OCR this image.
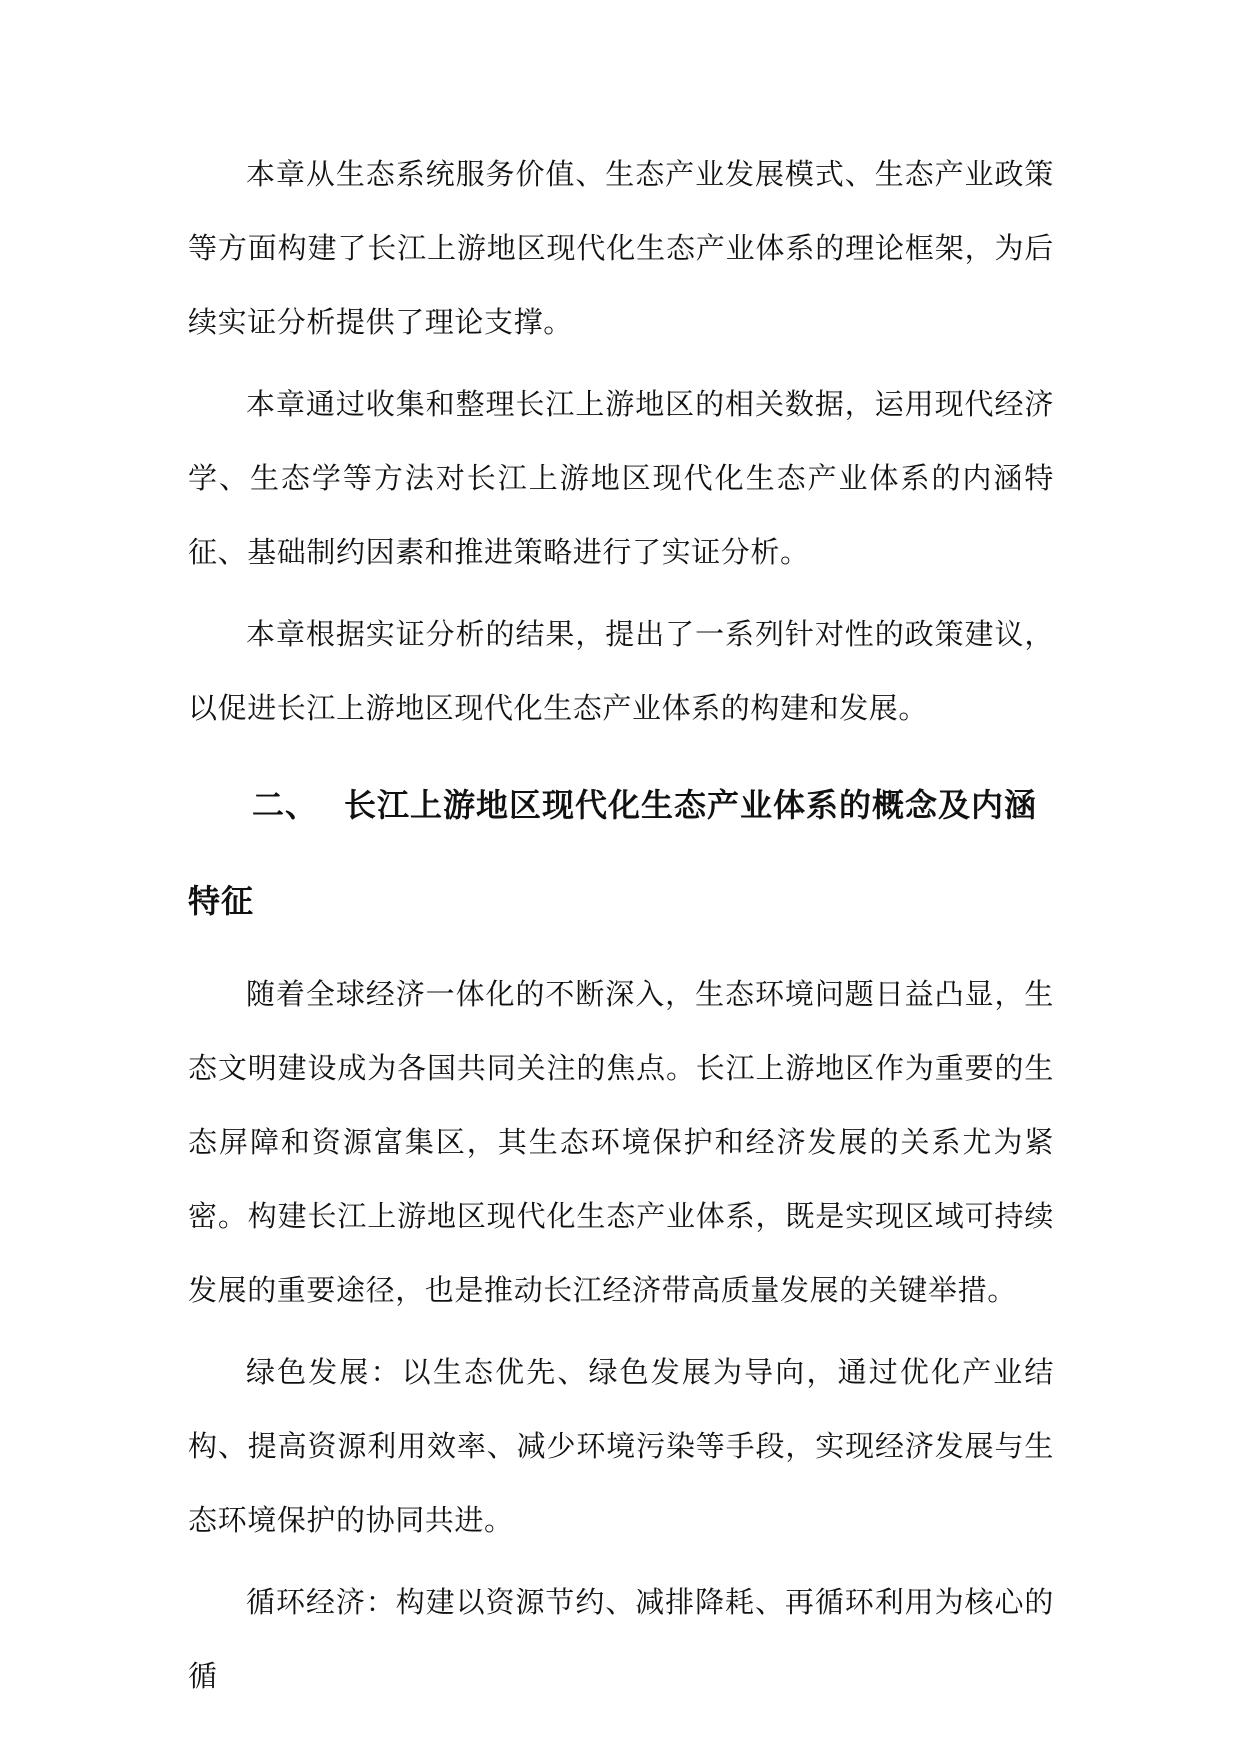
本章从生态系统服务价值、生态产业发展模式、生态产业政策等方面构建了长江上游地区现代化生态产业体系的理论框架，为后续实证分析提供了理论支撑。

本章通过收集和整理长江上游地区的相关数据，运用现代经济学、生态学等方法对长江上游地区现代化生态产业体系的内涵特征、基础制约因素和推进策略进行了实证分析。

本章根据实证分析的结果，提出了一系列针对性的政策建议，以促进长江上游地区现代化生态产业体系的构建和发展。

二、 长江上游地区现代化生态产业体系的概念及内涵特征

随着全球经济一体化的不断深入，生态环境问题日益凸显，生态文明建设成为各国共同关注的焦点。长江上游地区作为重要的生态屏障和资源富集区，其生态环境保护和经济发展的关系尤为紧密。构建长江上游地区现代化生态产业体系，既是实现区域可持续发展的重要途径，也是推动长江经济带高质量发展的关键举措。

绿色发展：以生态优先、绿色发展为导向，通过优化产业结构、提高资源利用效率、减少环境污染等手段，实现经济发展与生态环境保护的协同共进。

循环经济：构建以资源节约、减排降耗、再循环利用为核心的循
